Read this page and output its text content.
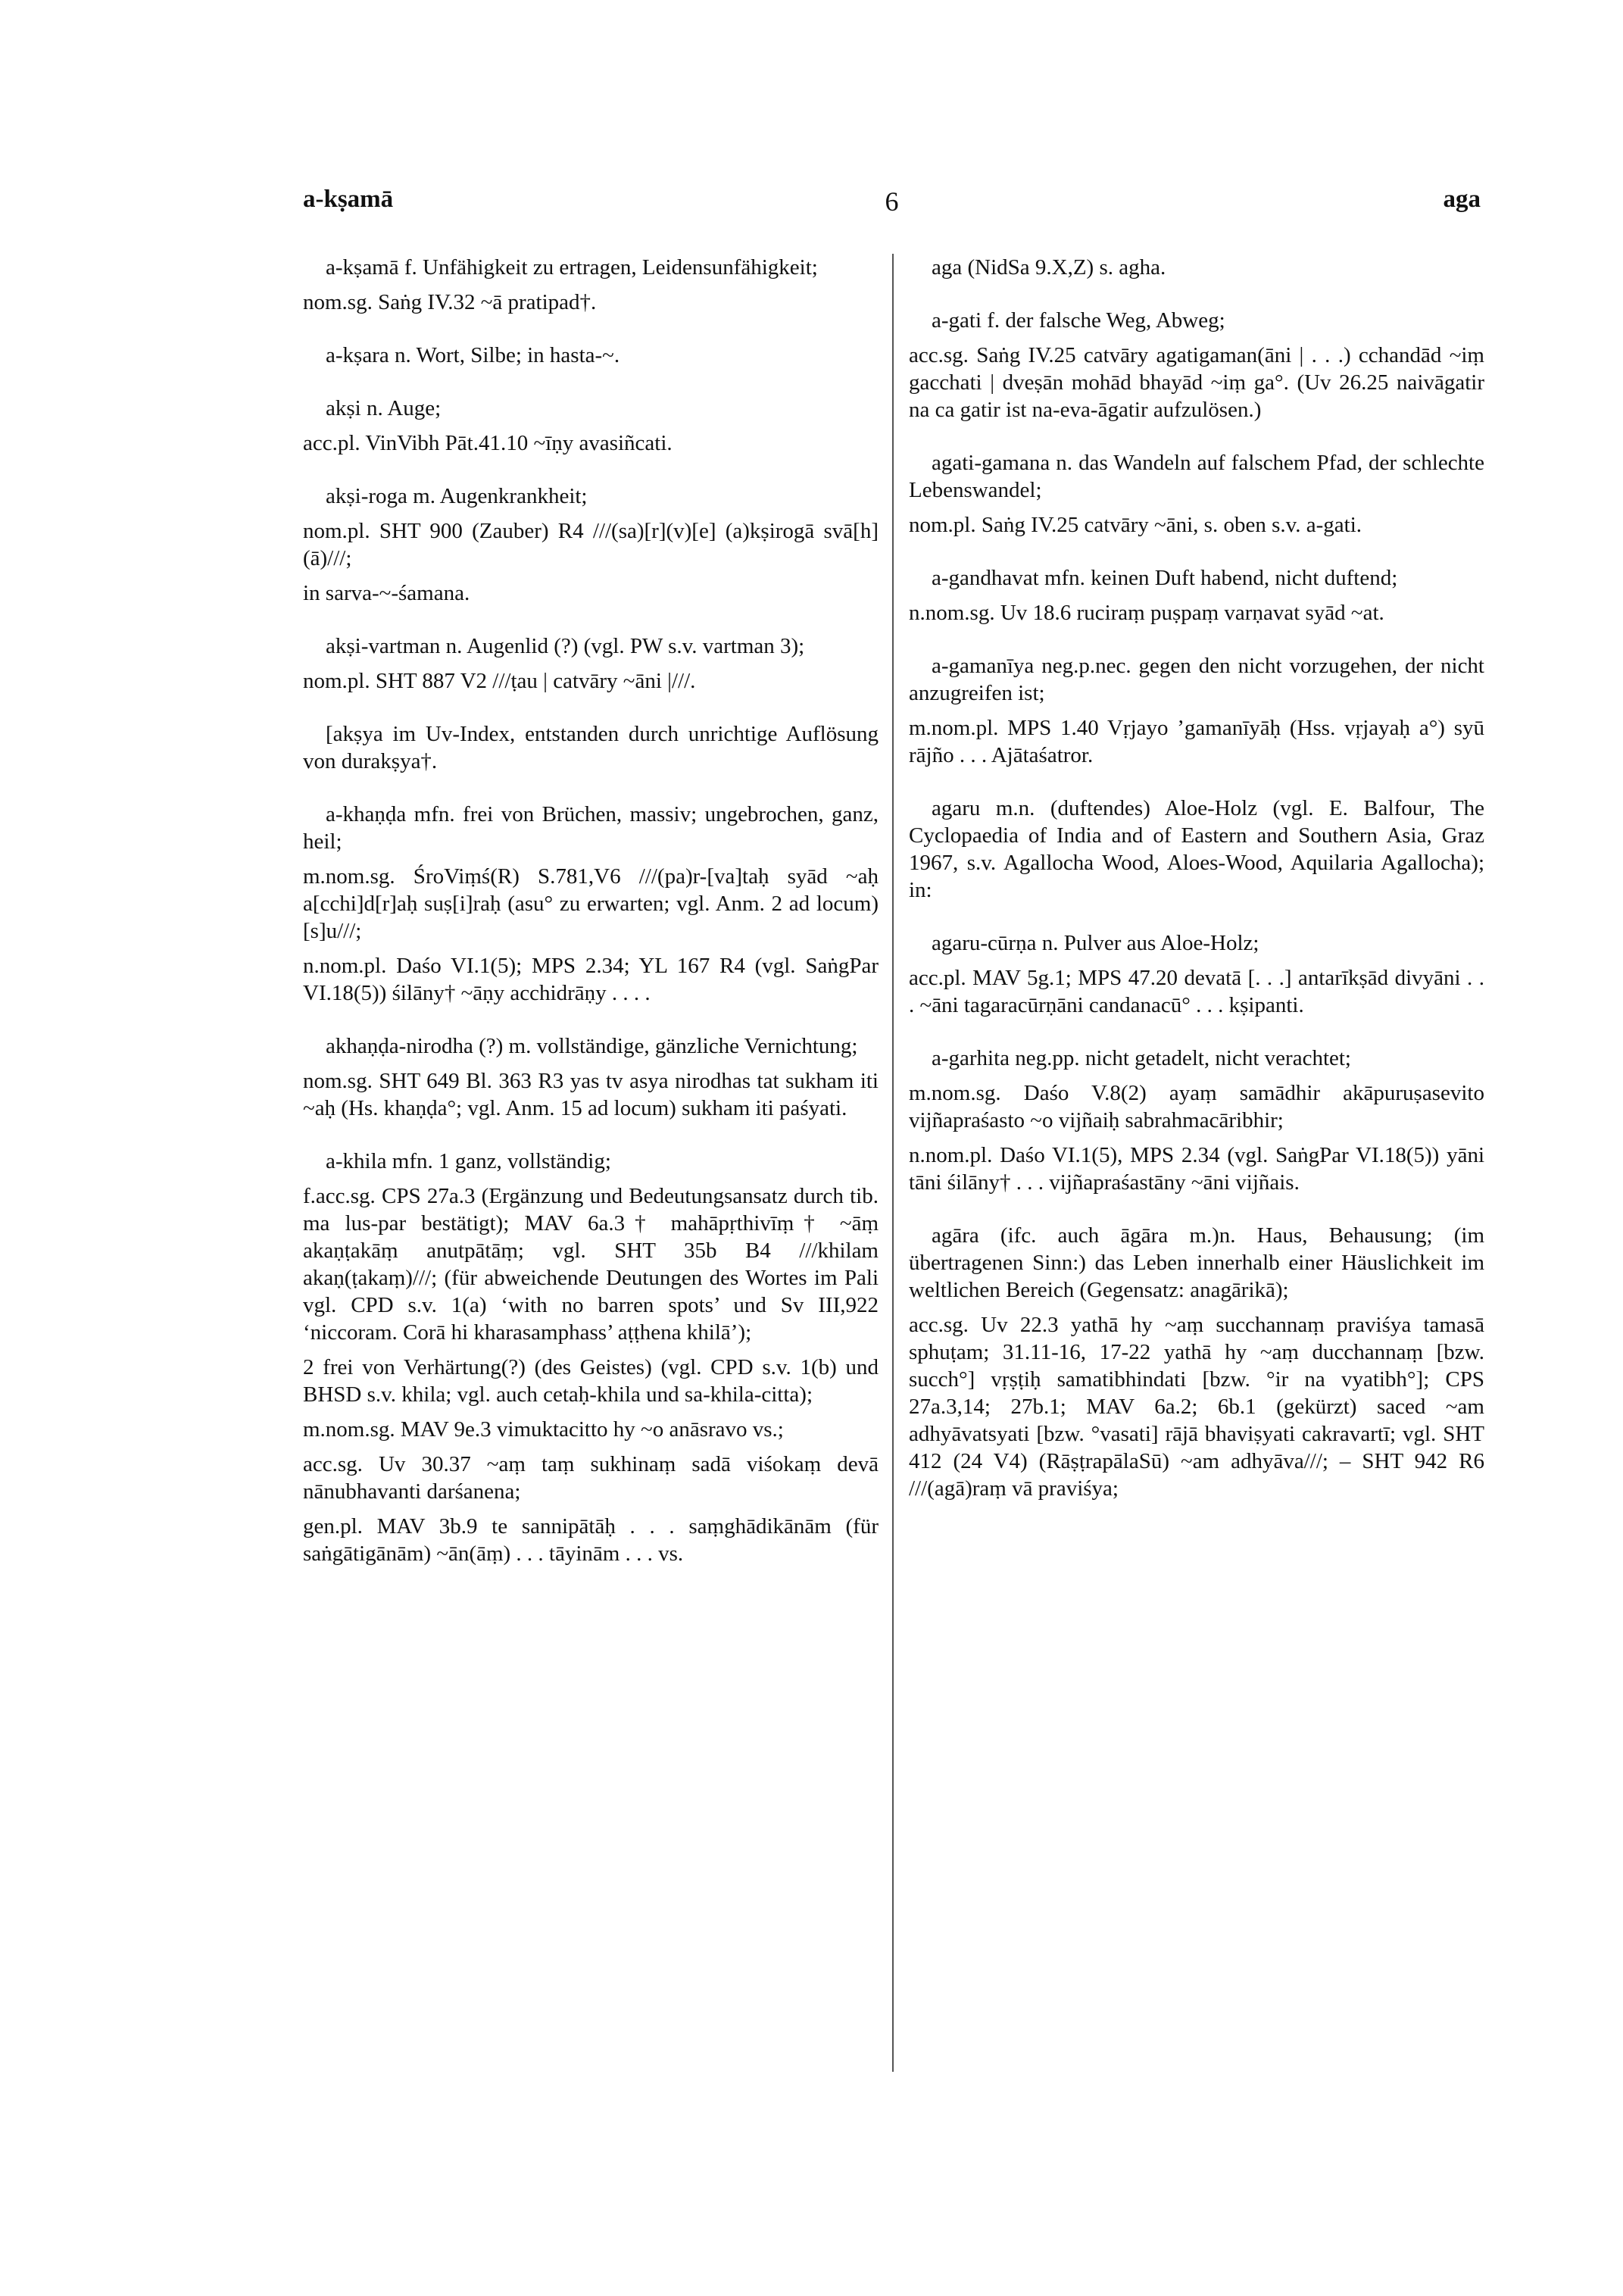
a-kṣamā	6	aga

a-kṣamā f. Unfähigkeit zu ertragen, Leidensunfähigkeit;

nom.sg. Saṅg IV.32 ~ā pratipad†.

a-kṣara n. Wort, Silbe; in hasta-~.

akṣi n. Auge;

acc.pl. VinVibh Pāt.41.10 ~īṇy avasiñcati.

akṣi-roga m. Augenkrankheit;

nom.pl. SHT 900 (Zauber) R4 ///(sa)[r](v)[e] (a)kṣirogā svā[h](ā)///;

in sarva-~-śamana.

akṣi-vartman n. Augenlid (?) (vgl. PW s.v. vartman 3);

nom.pl. SHT 887 V2 ///ṭau | catvāry ~āni |///.

[akṣya im Uv-Index, entstanden durch unrichtige Auflösung von durakṣya†.

a-khaṇḍa mfn. frei von Brüchen, massiv; ungebrochen, ganz, heil;

m.nom.sg. ŚroViṃś(R) S.781,V6 ///(pa)r-[va]taḥ syād ~aḥ a[cchi]d[r]aḥ suṣ[i]raḥ (asu° zu erwarten; vgl. Anm. 2 ad locum) [s]u///;

n.nom.pl. Daśo VI.1(5); MPS 2.34; YL 167 R4 (vgl. SaṅgPar VI.18(5)) śilāny† ~āṇy acchidrāṇy . . . .

akhaṇḍa-nirodha (?) m. vollständige, gänzliche Vernichtung;

nom.sg. SHT 649 Bl. 363 R3 yas tv asya nirodhas tat sukham iti ~aḥ (Hs. khaṇḍa°; vgl. Anm. 15 ad locum) sukham iti paśyati.

a-khila mfn. 1 ganz, vollständig;

f.acc.sg. CPS 27a.3 (Ergänzung und Bedeutungsansatz durch tib. ma lus-par bestätigt); MAV 6a.3† mahāpṛthivīṃ† ~āṃ akaṇṭakāṃ anutpātāṃ; vgl. SHT 35b B4 ///khilam akaṇ(ṭakaṃ)///; (für abweichende Deutungen des Wortes im Pali vgl. CPD s.v. 1(a) ‘with no barren spots’ und Sv III,922 ‘niccoram. Corā hi kharasamphass’ aṭṭhena khilā’);

2 frei von Verhärtung(?) (des Geistes) (vgl. CPD s.v. 1(b) und BHSD s.v. khila; vgl. auch cetaḥ-khila und sa-khila-citta);

m.nom.sg. MAV 9e.3 vimuktacitto hy ~o anāsravo vs.;

acc.sg. Uv 30.37 ~aṃ taṃ sukhinaṃ sadā viśokaṃ devā nānubhavanti darśanena;

gen.pl. MAV 3b.9 te sannipātāḥ . . . saṃghādikānām (für saṅgātigānām) ~ān(āṃ) . . . tāyinām . . . vs.

aga (NidSa 9.X,Z) s. agha.

a-gati f. der falsche Weg, Abweg;

acc.sg. Saṅg IV.25 catvāry agatigaman(āni | . . .) cchandād ~iṃ gacchati | dveṣān mohād bhayād ~iṃ ga°. (Uv 26.25 naivāgatir na ca gatir ist na-eva-āgatir aufzulösen.)

agati-gamana n. das Wandeln auf falschem Pfad, der schlechte Lebenswandel;

nom.pl. Saṅg IV.25 catvāry ~āni, s. oben s.v. a-gati.

a-gandhavat mfn. keinen Duft habend, nicht duftend;

n.nom.sg. Uv 18.6 ruciraṃ puṣpaṃ varṇavat syād ~at.

a-gamanīya neg.p.nec. gegen den nicht vorzugehen, der nicht anzugreifen ist;

m.nom.pl. MPS 1.40 Vṛjayo ’gamanīyāḥ (Hss. vṛjayaḥ a°) syū rājño . . . Ajātaśatror.

agaru m.n. (duftendes) Aloe-Holz (vgl. E. Balfour, The Cyclopaedia of India and of Eastern and Southern Asia, Graz 1967, s.v. Agallocha Wood, Aloes-Wood, Aquilaria Agallocha); in:

agaru-cūrṇa n. Pulver aus Aloe-Holz;

acc.pl. MAV 5g.1; MPS 47.20 devatā [. . .] antarīkṣād divyāni . . . ~āni tagaracūrṇāni candanacū° . . . kṣipanti.

a-garhita neg.pp. nicht getadelt, nicht verachtet;

m.nom.sg. Daśo V.8(2) ayaṃ samādhir akāpuruṣasevito vijñapraśasto ~o vijñaiḥ sabrahmacāribhir;

n.nom.pl. Daśo VI.1(5), MPS 2.34 (vgl. SaṅgPar VI.18(5)) yāni tāni śilāny† . . . vijñapraśastāny ~āni vijñais.

agāra (ifc. auch āgāra m.)n. Haus, Behausung; (im übertragenen Sinn:) das Leben innerhalb einer Häuslichkeit im weltlichen Bereich (Gegensatz: anagārikā);

acc.sg. Uv 22.3 yathā hy ~aṃ succhannaṃ praviśya tamasā sphuṭam; 31.11-16, 17-22 yathā hy ~aṃ ducchannaṃ [bzw. succh°] vṛṣṭiḥ samatibhindati [bzw. °ir na vyatibh°]; CPS 27a.3,14; 27b.1; MAV 6a.2; 6b.1 (gekürzt) saced ~am adhyāvatsyati [bzw. °vasati] rājā bhaviṣyati cakravartī; vgl. SHT 412 (24 V4) (RāṣṭrapālaSū) ~am adhyāva///; – SHT 942 R6 ///(agā)raṃ vā praviśya;
